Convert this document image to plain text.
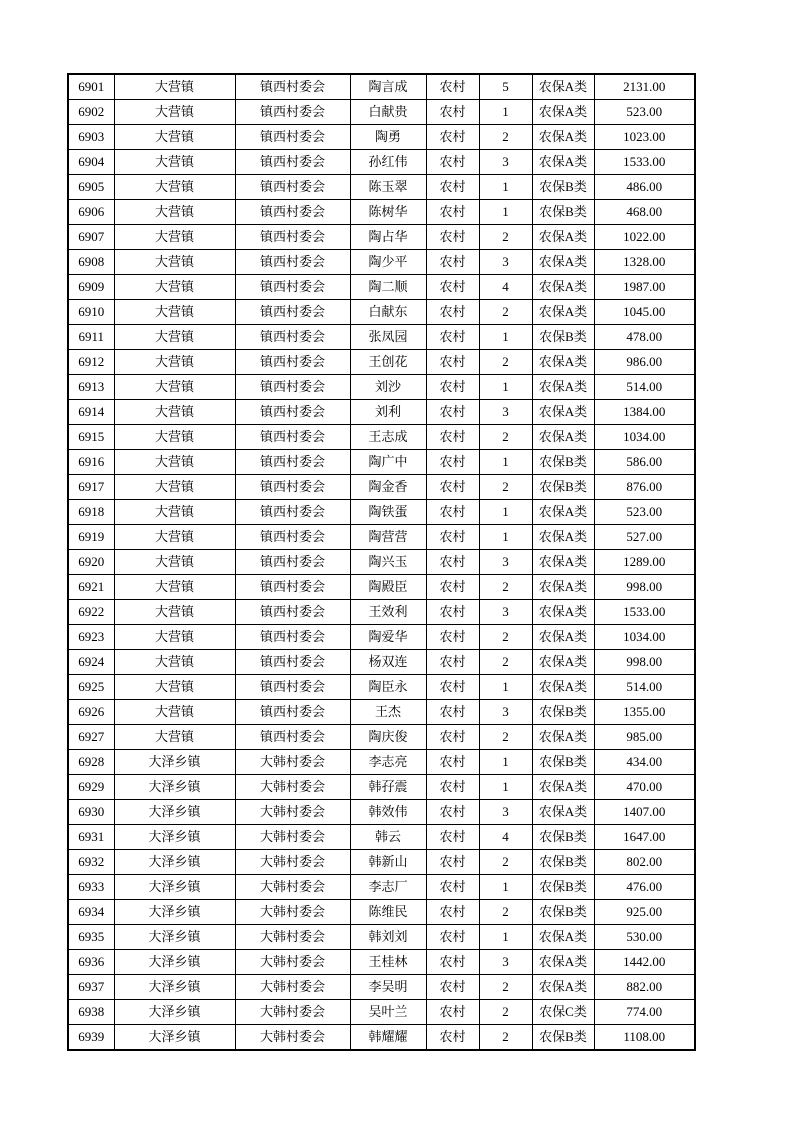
6901	大营镇	镇西村委会	陶言成	农村	5	农保A类	2131.00
6902	大营镇	镇西村委会	白献贵	农村	1	农保A类	523.00
6903	大营镇	镇西村委会	陶勇	农村	2	农保A类	1023.00
6904	大营镇	镇西村委会	孙红伟	农村	3	农保A类	1533.00
6905	大营镇	镇西村委会	陈玉翠	农村	1	农保B类	486.00
6906	大营镇	镇西村委会	陈树华	农村	1	农保B类	468.00
6907	大营镇	镇西村委会	陶占华	农村	2	农保A类	1022.00
6908	大营镇	镇西村委会	陶少平	农村	3	农保A类	1328.00
6909	大营镇	镇西村委会	陶二顺	农村	4	农保A类	1987.00
6910	大营镇	镇西村委会	白献东	农村	2	农保A类	1045.00
6911	大营镇	镇西村委会	张凤园	农村	1	农保B类	478.00
6912	大营镇	镇西村委会	王创花	农村	2	农保A类	986.00
6913	大营镇	镇西村委会	刘沙	农村	1	农保A类	514.00
6914	大营镇	镇西村委会	刘利	农村	3	农保A类	1384.00
6915	大营镇	镇西村委会	王志成	农村	2	农保A类	1034.00
6916	大营镇	镇西村委会	陶广中	农村	1	农保B类	586.00
6917	大营镇	镇西村委会	陶金香	农村	2	农保B类	876.00
6918	大营镇	镇西村委会	陶铁蛋	农村	1	农保A类	523.00
6919	大营镇	镇西村委会	陶营营	农村	1	农保A类	527.00
6920	大营镇	镇西村委会	陶兴玉	农村	3	农保A类	1289.00
6921	大营镇	镇西村委会	陶殿臣	农村	2	农保A类	998.00
6922	大营镇	镇西村委会	王效利	农村	3	农保A类	1533.00
6923	大营镇	镇西村委会	陶爱华	农村	2	农保A类	1034.00
6924	大营镇	镇西村委会	杨双连	农村	2	农保A类	998.00
6925	大营镇	镇西村委会	陶臣永	农村	1	农保A类	514.00
6926	大营镇	镇西村委会	王杰	农村	3	农保B类	1355.00
6927	大营镇	镇西村委会	陶庆俊	农村	2	农保A类	985.00
6928	大泽乡镇	大韩村委会	李志亮	农村	1	农保B类	434.00
6929	大泽乡镇	大韩村委会	韩孖震	农村	1	农保A类	470.00
6930	大泽乡镇	大韩村委会	韩效伟	农村	3	农保A类	1407.00
6931	大泽乡镇	大韩村委会	韩云	农村	4	农保B类	1647.00
6932	大泽乡镇	大韩村委会	韩新山	农村	2	农保B类	802.00
6933	大泽乡镇	大韩村委会	李志厂	农村	1	农保B类	476.00
6934	大泽乡镇	大韩村委会	陈维民	农村	2	农保B类	925.00
6935	大泽乡镇	大韩村委会	韩刘刘	农村	1	农保A类	530.00
6936	大泽乡镇	大韩村委会	王桂林	农村	3	农保A类	1442.00
6937	大泽乡镇	大韩村委会	李吴明	农村	2	农保A类	882.00
6938	大泽乡镇	大韩村委会	吴叶兰	农村	2	农保C类	774.00
6939	大泽乡镇	大韩村委会	韩耀耀	农村	2	农保B类	1108.00
